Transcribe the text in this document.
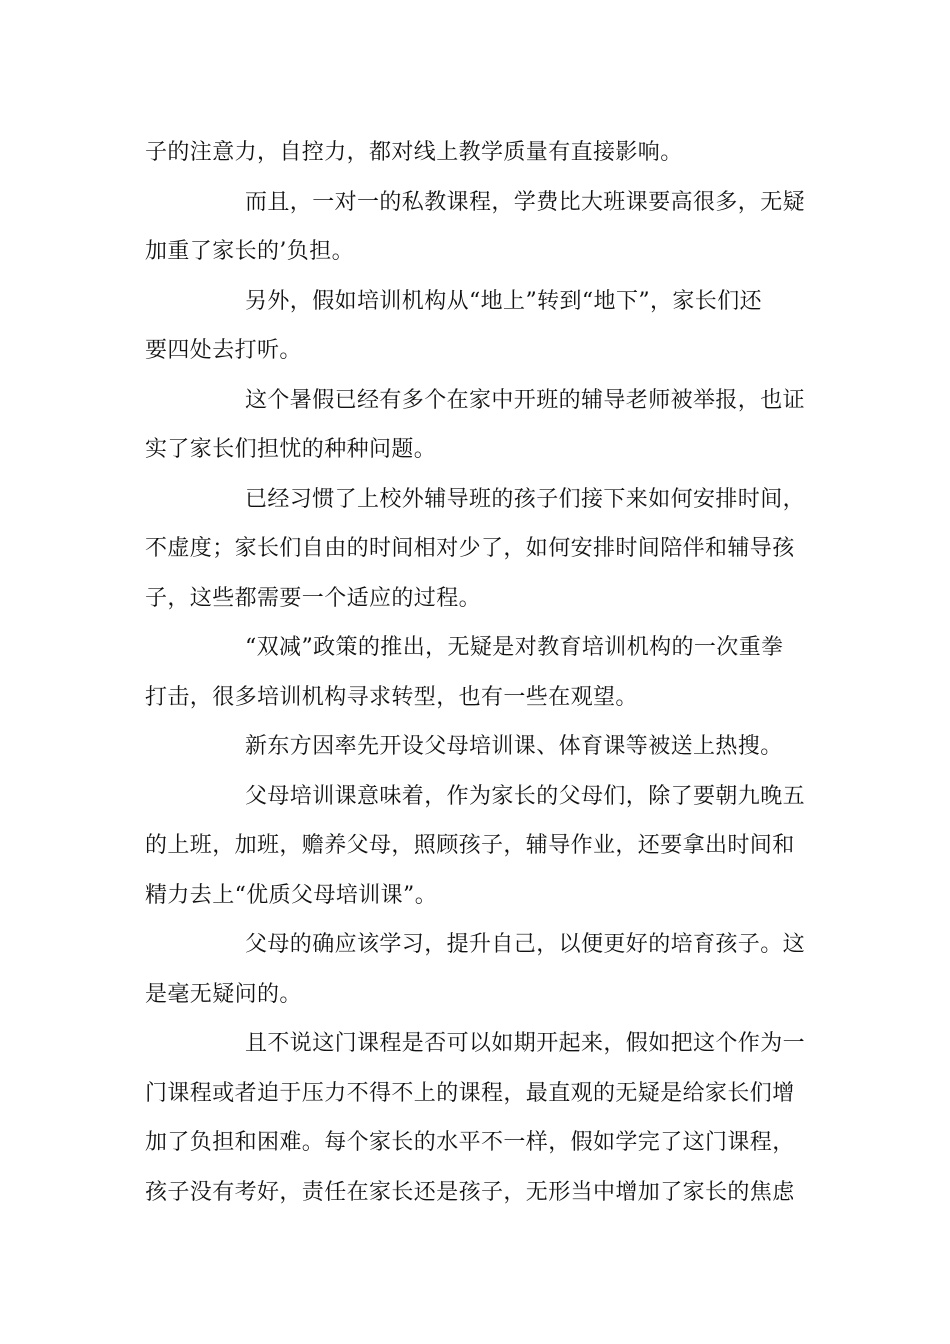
子的注意力，自控力，都对线上教学质量有直接影响。
而且，一对一的私教课程，学费比大班课要高很多，无疑
加重了家长的’负担。
另外，假如培训机构从“地上”转到“地下”，家长们还
要四处去打听。
这个暑假已经有多个在家中开班的辅导老师被举报，也证
实了家长们担忧的种种问题。
已经习惯了上校外辅导班的孩子们接下来如何安排时间，
不虚度；家长们自由的时间相对少了，如何安排时间陪伴和辅导孩
子，这些都需要一个适应的过程。
“双减”政策的推出，无疑是对教育培训机构的一次重拳
打击，很多培训机构寻求转型，也有一些在观望。
新东方因率先开设父母培训课、体育课等被送上热搜。
父母培训课意味着，作为家长的父母们，除了要朝九晚五
的上班，加班，赡养父母，照顾孩子，辅导作业，还要拿出时间和
精力去上“优质父母培训课”。
父母的确应该学习，提升自己，以便更好的培育孩子。这
是毫无疑问的。
且不说这门课程是否可以如期开起来，假如把这个作为一
门课程或者迫于压力不得不上的课程，最直观的无疑是给家长们增
加了负担和困难。每个家长的水平不一样，假如学完了这门课程，
孩子没有考好，责任在家长还是孩子，无形当中增加了家长的焦虑
